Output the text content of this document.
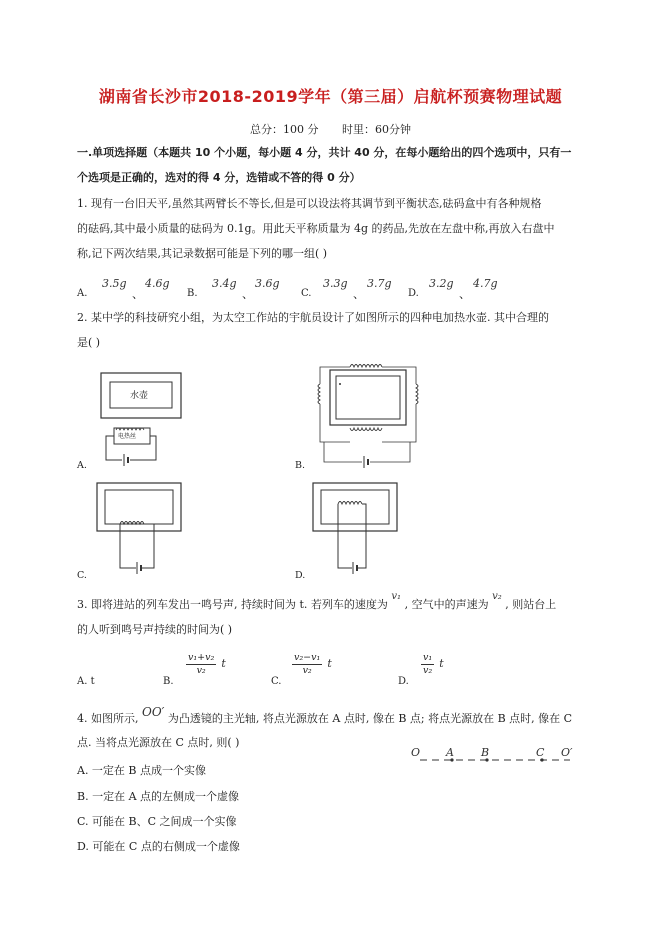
湖南省长沙市2018-2019学年（第三届）启航杯预赛物理试题
总分：100 分 时里：60分钟
一.单项选择题（本题共 10 个小题，每小题 4 分，共计 40 分，在每小题给出的四个选项中，只有一
个选项是正确的，选对的得 4 分，选错或不答的得 0 分）
1. 现有一台旧天平,虽然其两臂长不等长,但是可以设法将其调节到平衡状态,砝码盒中有各种规格
的砝码,其中最小质量的砝码为 0.1g。用此天平称质量为 4g 的药品,先放在左盘中称,再放入右盘中
称,记下两次结果,其记录数据可能是下列的哪一组( )
A.
3.5g
、
4.6g
B.
3.4g
、
3.6g
C.
3.3g
、
3.7g
D.
3.2g
、
4.7g
2. 某中学的科技研究小组，为太空工作站的宇航员设计了如图所示的四种电加热水壶. 其中合理的
是( )
水壶
电热丝
A.	B.
C.	D.
3. 即将进站的列车发出一鸣号声, 持续时间为 t. 若列车的速度为 v₁ , 空气中的声速为 v₂ , 则站台上
的人听到鸣号声持续的时间为( )
A. t	B.
$\frac{\text{v₁+v₂}}{\text{v₂}} ^t$
C.
$\frac{\text{v₂−v₁}}{\text{v₂}} ^t$
D.
$\frac{\text{v₁}}{\text{v₂}} ^t$
4. 如图所示, OO′ 为凸透镜的主光轴, 将点光源放在 A 点时, 像在 B 点; 将点光源放在 B 点时, 像在 C
点. 当将点光源放在 C 点时, 则( )
A. 一定在 B 点成一个实像
B. 一定在 A 点的左侧成一个虚像
C. 可能在 B、C 之间成一个实像
D. 可能在 C 点的右侧成一个虚像
O A B	C O′
